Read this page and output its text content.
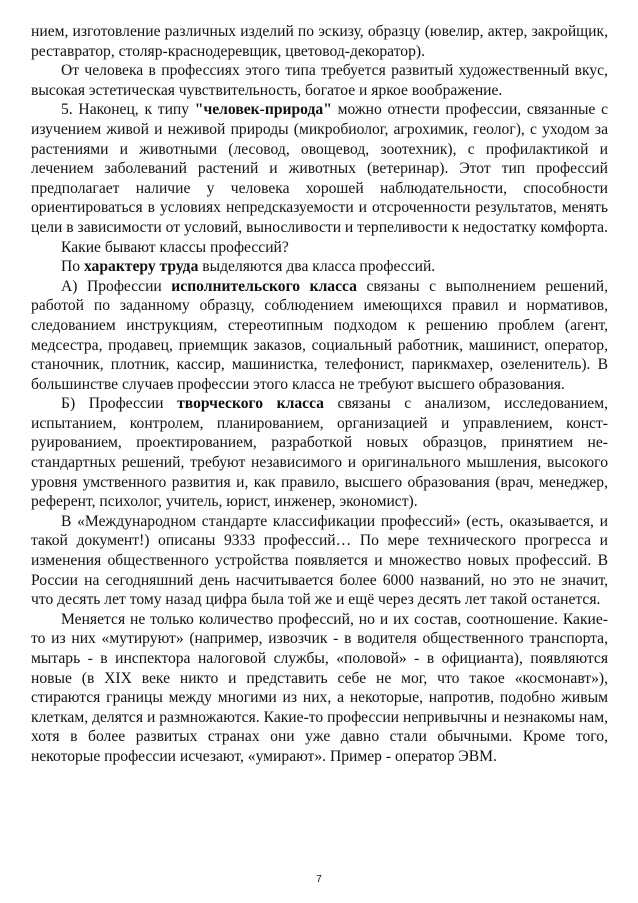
нием, изготовление различных изделий по эскизу, образцу (ювелир, актер, закройщик, реставратор, столяр-краснодеревщик, цветовод-декоратор).

От человека в профессиях этого типа требуется развитый художественный вкус, высокая эстетическая чувствительность, богатое и яркое воображение.

5. Наконец, к типу "человек-природа" можно отнести профессии, связанные с изучением живой и неживой природы (микробиолог, агрохимик, геолог), с уходом за растениями и животными (лесовод, овощевод, зоотехник), с профилактикой и лечением заболеваний растений и животных (ветеринар). Этот тип профессий предполагает наличие у человека хорошей наблюдательности, способности ориентироваться в условиях непредсказуемости и отсроченности результатов, менять цели в зависимости от условий, выносливости и терпеливости к недостатку комфорта.

Какие бывают классы профессий?

По характеру труда выделяются два класса профессий.

А) Профессии исполнительского класса связаны с выполнением решений, работой по заданному образцу, соблюдением имеющихся правил и нормативов, следованием инструкциям, стереотипным подходом к решению проблем (агент, медсестра, продавец, приемщик заказов, социальный работник, машинист, оператор, станочник, плотник, кассир, машинистка, телефонист, парикмахер, озеленитель). В большинстве случаев профессии этого класса не требуют высшего образования.

Б) Профессии творческого класса связаны с анализом, исследованием, испытанием, контролем, планированием, организацией и управлением, конструированием, проектированием, разработкой новых образцов, принятием нестандартных решений, требуют независимого и оригинального мышления, высокого уровня умственного развития и, как правило, высшего образования (врач, менеджер, референт, психолог, учитель, юрист, инженер, экономист).

В «Международном стандарте классификации профессий» (есть, оказывается, и такой документ!) описаны 9333 профессий… По мере технического прогресса и изменения общественного устройства появляется и множество новых профессий. В России на сегодняшний день насчитывается более 6000 названий, но это не значит, что десять лет тому назад цифра была той же и ещё через десять лет такой останется.

Меняется не только количество профессий, но и их состав, соотношение. Какие-то из них «мутируют» (например, извозчик - в водителя общественного транспорта, мытарь - в инспектора налоговой службы, «половой» - в официанта), появляются новые (в XIX веке никто и представить себе не мог, что такое «космонавт»), стираются границы между многими из них, а некоторые, напротив, подобно живым клеткам, делятся и размножаются. Какие-то профессии непривычны и незнакомы нам, хотя в более развитых странах они уже давно стали обычными. Кроме того, некоторые профессии исчезают, «умирают». Пример - оператор ЭВМ.

7
